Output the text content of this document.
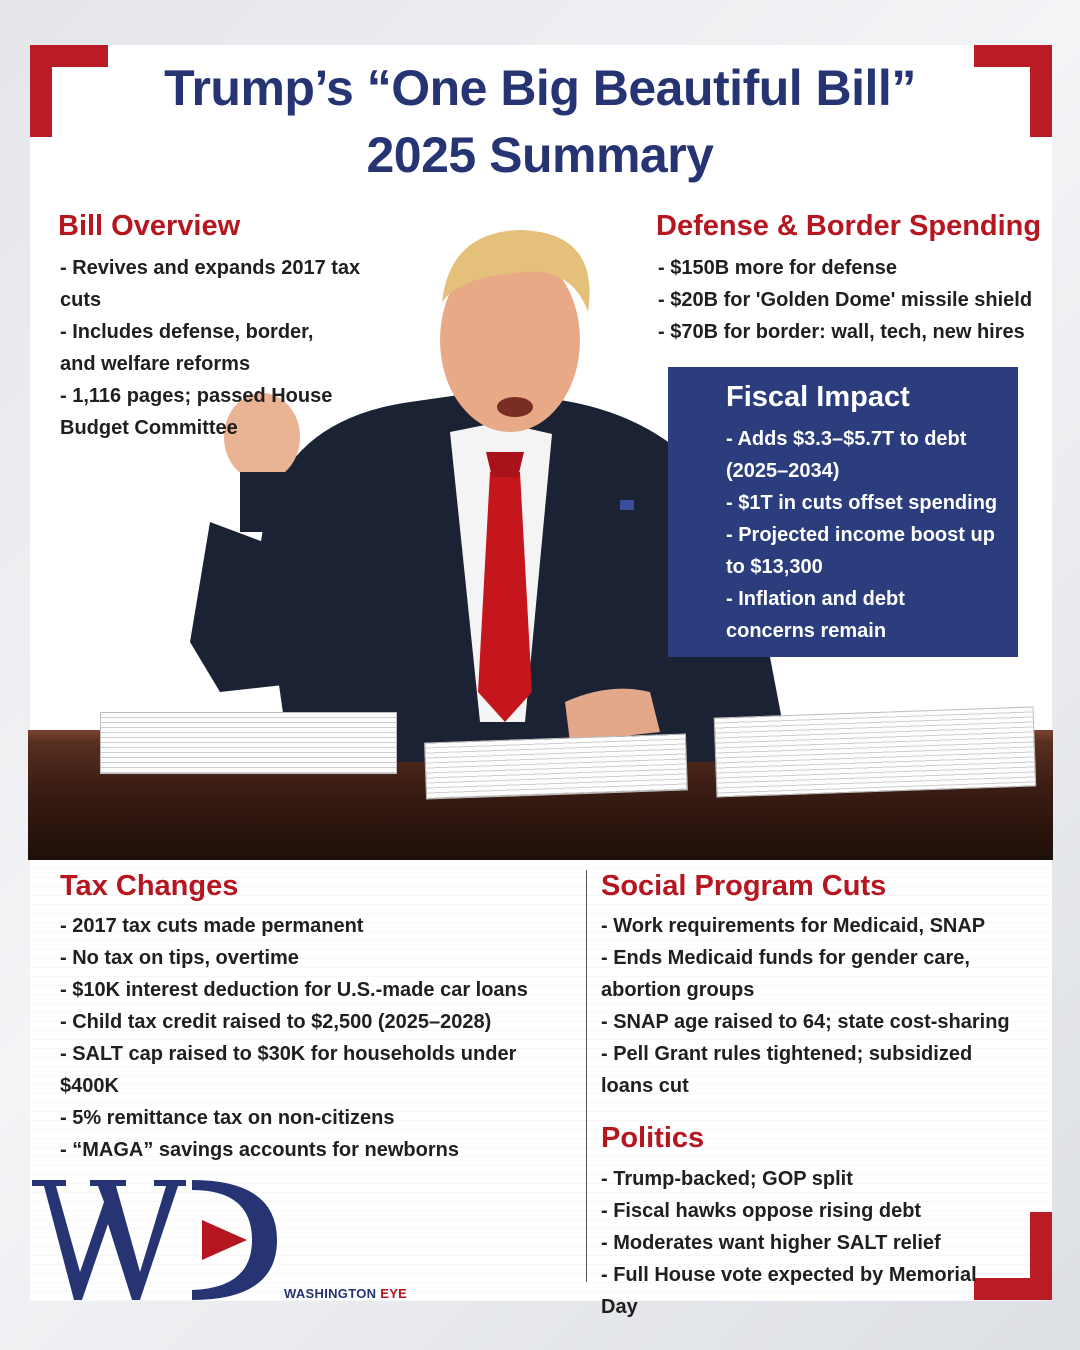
Trump’s “One Big Beautiful Bill”
2025 Summary
Bill Overview
- Revives and expands 2017 tax cuts
- Includes defense, border,
and welfare reforms
- 1,116 pages; passed House
Budget Committee
Defense & Border Spending
- $150B more for defense
- $20B for 'Golden Dome' missile shield
- $70B for border: wall, tech, new hires
Fiscal Impact
- Adds $3.3–$5.7T to debt
(2025–2034)
- $1T in cuts offset spending
- Projected income boost up
to $13,300
- Inflation and debt
concerns remain
Tax Changes
- 2017 tax cuts made permanent
- No tax on tips, overtime
- $10K interest deduction for U.S.-made car loans
- Child tax credit raised to $2,500 (2025–2028)
- SALT cap raised to $30K for households under $400K
- 5% remittance tax on non-citizens
- “MAGA” savings accounts for newborns
Social Program Cuts
- Work requirements for Medicaid, SNAP
- Ends Medicaid funds for gender care,
abortion groups
- SNAP age raised to 64; state cost-sharing
- Pell Grant rules tightened; subsidized
loans cut
Politics
- Trump-backed; GOP split
- Fiscal hawks oppose rising debt
- Moderates want higher SALT relief
- Full House vote expected by Memorial Day
WASHINGTON EYE
